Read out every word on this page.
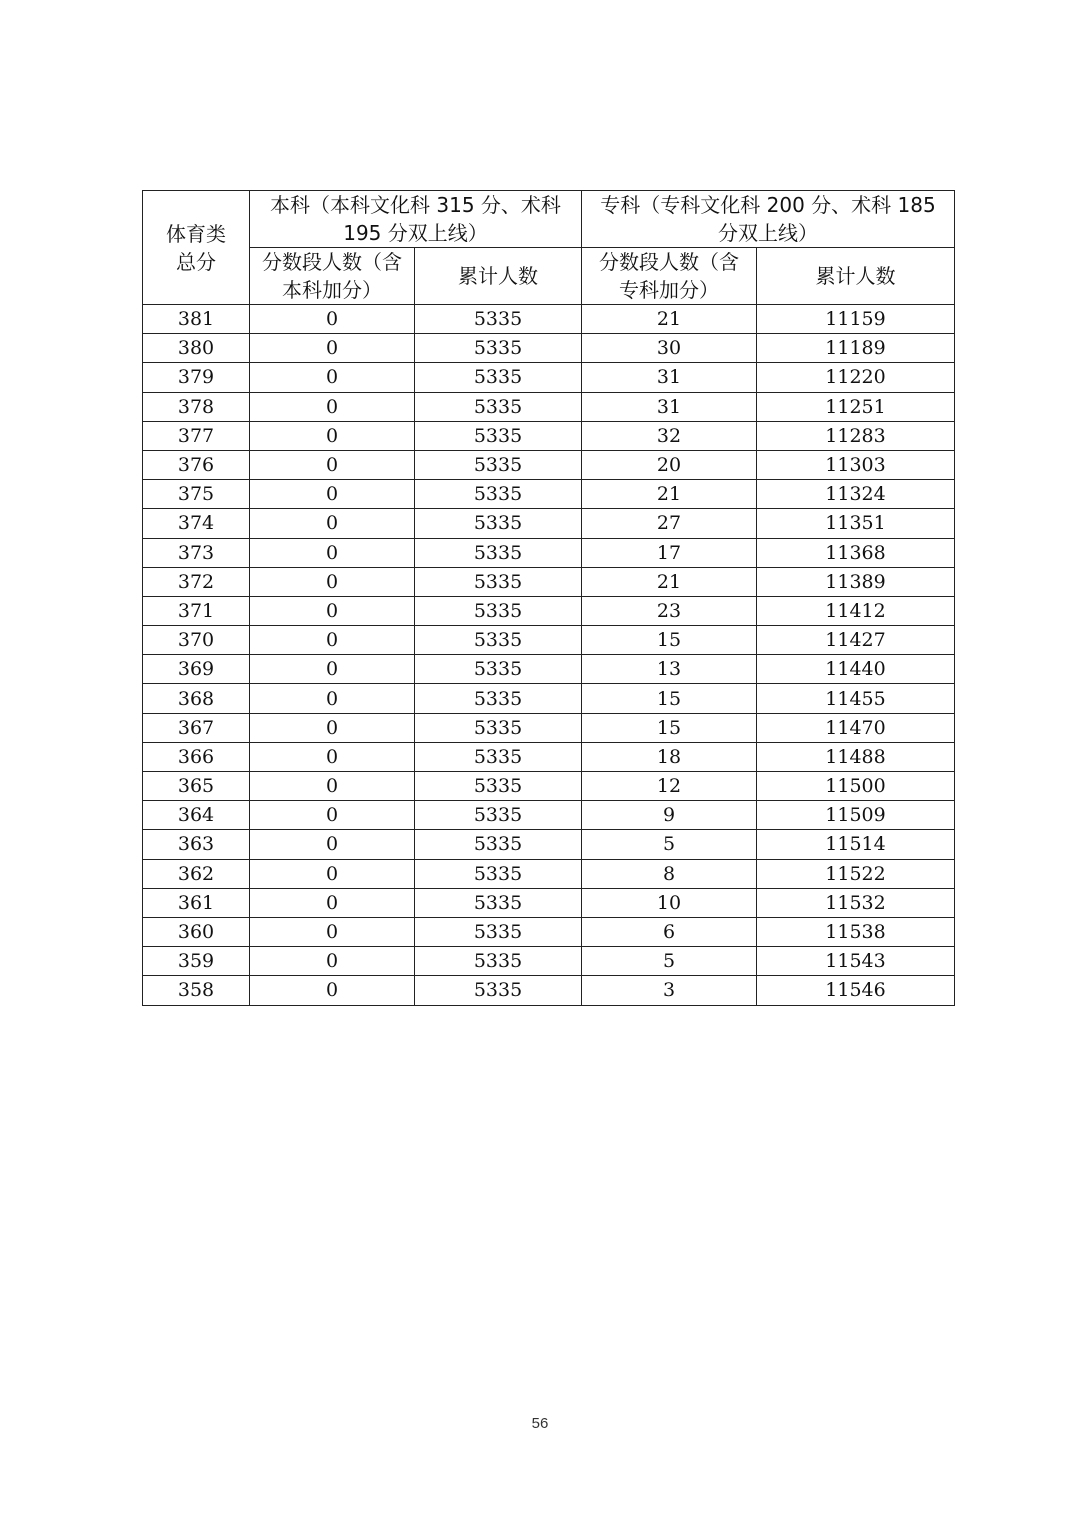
体育类总分	本科（本科文化科 315 分、术科 195 分双上线）		专科（专科文化科 200 分、术科 185 分双上线）	

	分数段人数（含本科加分）	累计人数	分数段人数（含专科加分）	累计人数
381	0	5335	21	11159
380	0	5335	30	11189
379	0	5335	31	11220
378	0	5335	31	11251
377	0	5335	32	11283
376	0	5335	20	11303
375	0	5335	21	11324
374	0	5335	27	11351
373	0	5335	17	11368
372	0	5335	21	11389
371	0	5335	23	11412
370	0	5335	15	11427
369	0	5335	13	11440
368	0	5335	15	11455
367	0	5335	15	11470
366	0	5335	18	11488
365	0	5335	12	11500
364	0	5335	9	11509
363	0	5335	5	11514
362	0	5335	8	11522
361	0	5335	10	11532
360	0	5335	6	11538
359	0	5335	5	11543
358	0	5335	3	11546
56
